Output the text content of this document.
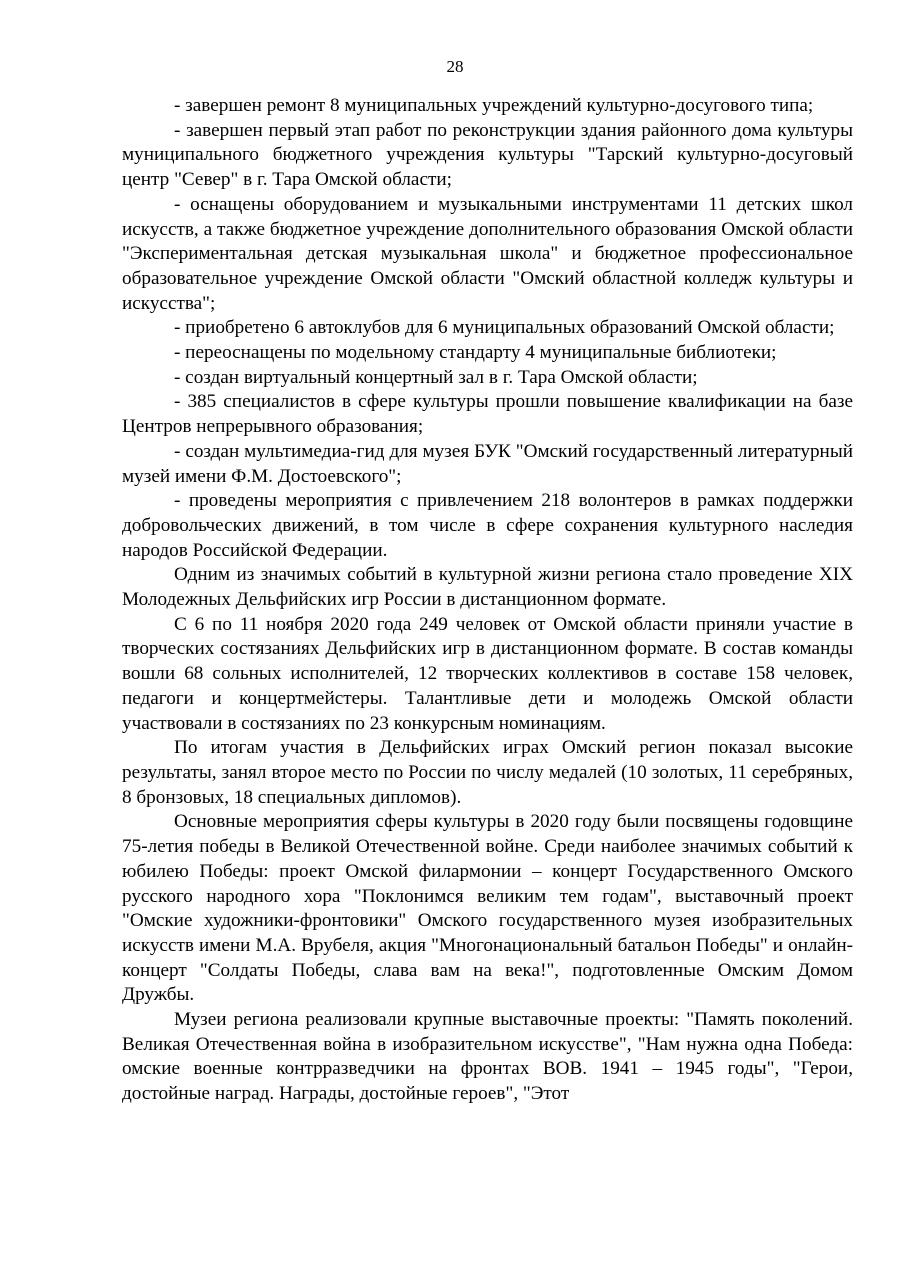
28

- завершен ремонт 8 муниципальных учреждений культурно-досугового типа;

- завершен первый этап работ по реконструкции здания районного дома культуры муниципального бюджетного учреждения культуры "Тарский культурно-досуговый центр "Север" в г. Тара Омской области;

- оснащены оборудованием и музыкальными инструментами 11 детских школ искусств, а также бюджетное учреждение дополнительного образования Омской области "Экспериментальная детская музыкальная школа" и бюджетное профессиональное образовательное учреждение Омской области "Омский областной колледж культуры и искусства";

- приобретено 6 автоклубов для 6 муниципальных образований Омской области;

- переоснащены по модельному стандарту 4 муниципальные библиотеки;

- создан виртуальный концертный зал в г. Тара Омской области;

- 385 специалистов в сфере культуры прошли повышение квалификации на базе Центров непрерывного образования;

- создан мультимедиа-гид для музея БУК "Омский государственный литературный музей имени Ф.М. Достоевского";

- проведены мероприятия с привлечением 218 волонтеров в рамках поддержки добровольческих движений, в том числе в сфере сохранения культурного наследия народов Российской Федерации.

Одним из значимых событий в культурной жизни региона стало проведение XIX Молодежных Дельфийских игр России в дистанционном формате.

С 6 по 11 ноября 2020 года 249 человек от Омской области приняли участие в творческих состязаниях Дельфийских игр в дистанционном формате. В состав команды вошли 68 сольных исполнителей, 12 творческих коллективов в составе 158 человек, педагоги и концертмейстеры. Талантливые дети и молодежь Омской области участвовали в состязаниях по 23 конкурсным номинациям.

По итогам участия в Дельфийских играх Омский регион показал высокие результаты, занял второе место по России по числу медалей (10 золотых, 11 серебряных, 8 бронзовых, 18 специальных дипломов).

Основные мероприятия сферы культуры в 2020 году были посвящены годовщине 75-летия победы в Великой Отечественной войне. Среди наиболее значимых событий к юбилею Победы: проект Омской филармонии – концерт Государственного Омского русского народного хора "Поклонимся великим тем годам", выставочный проект "Омские художники-фронтовики" Омского государственного музея изобразительных искусств имени М.А. Врубеля, акция "Многонациональный батальон Победы" и онлайн-концерт "Солдаты Победы, слава вам на века!", подготовленные Омским Домом Дружбы.

Музеи региона реализовали крупные выставочные проекты: "Память поколений. Великая Отечественная война в изобразительном искусстве", "Нам нужна одна Победа: омские военные контрразведчики на фронтах ВОВ. 1941 – 1945 годы", "Герои, достойные наград. Награды, достойные героев", "Этот
